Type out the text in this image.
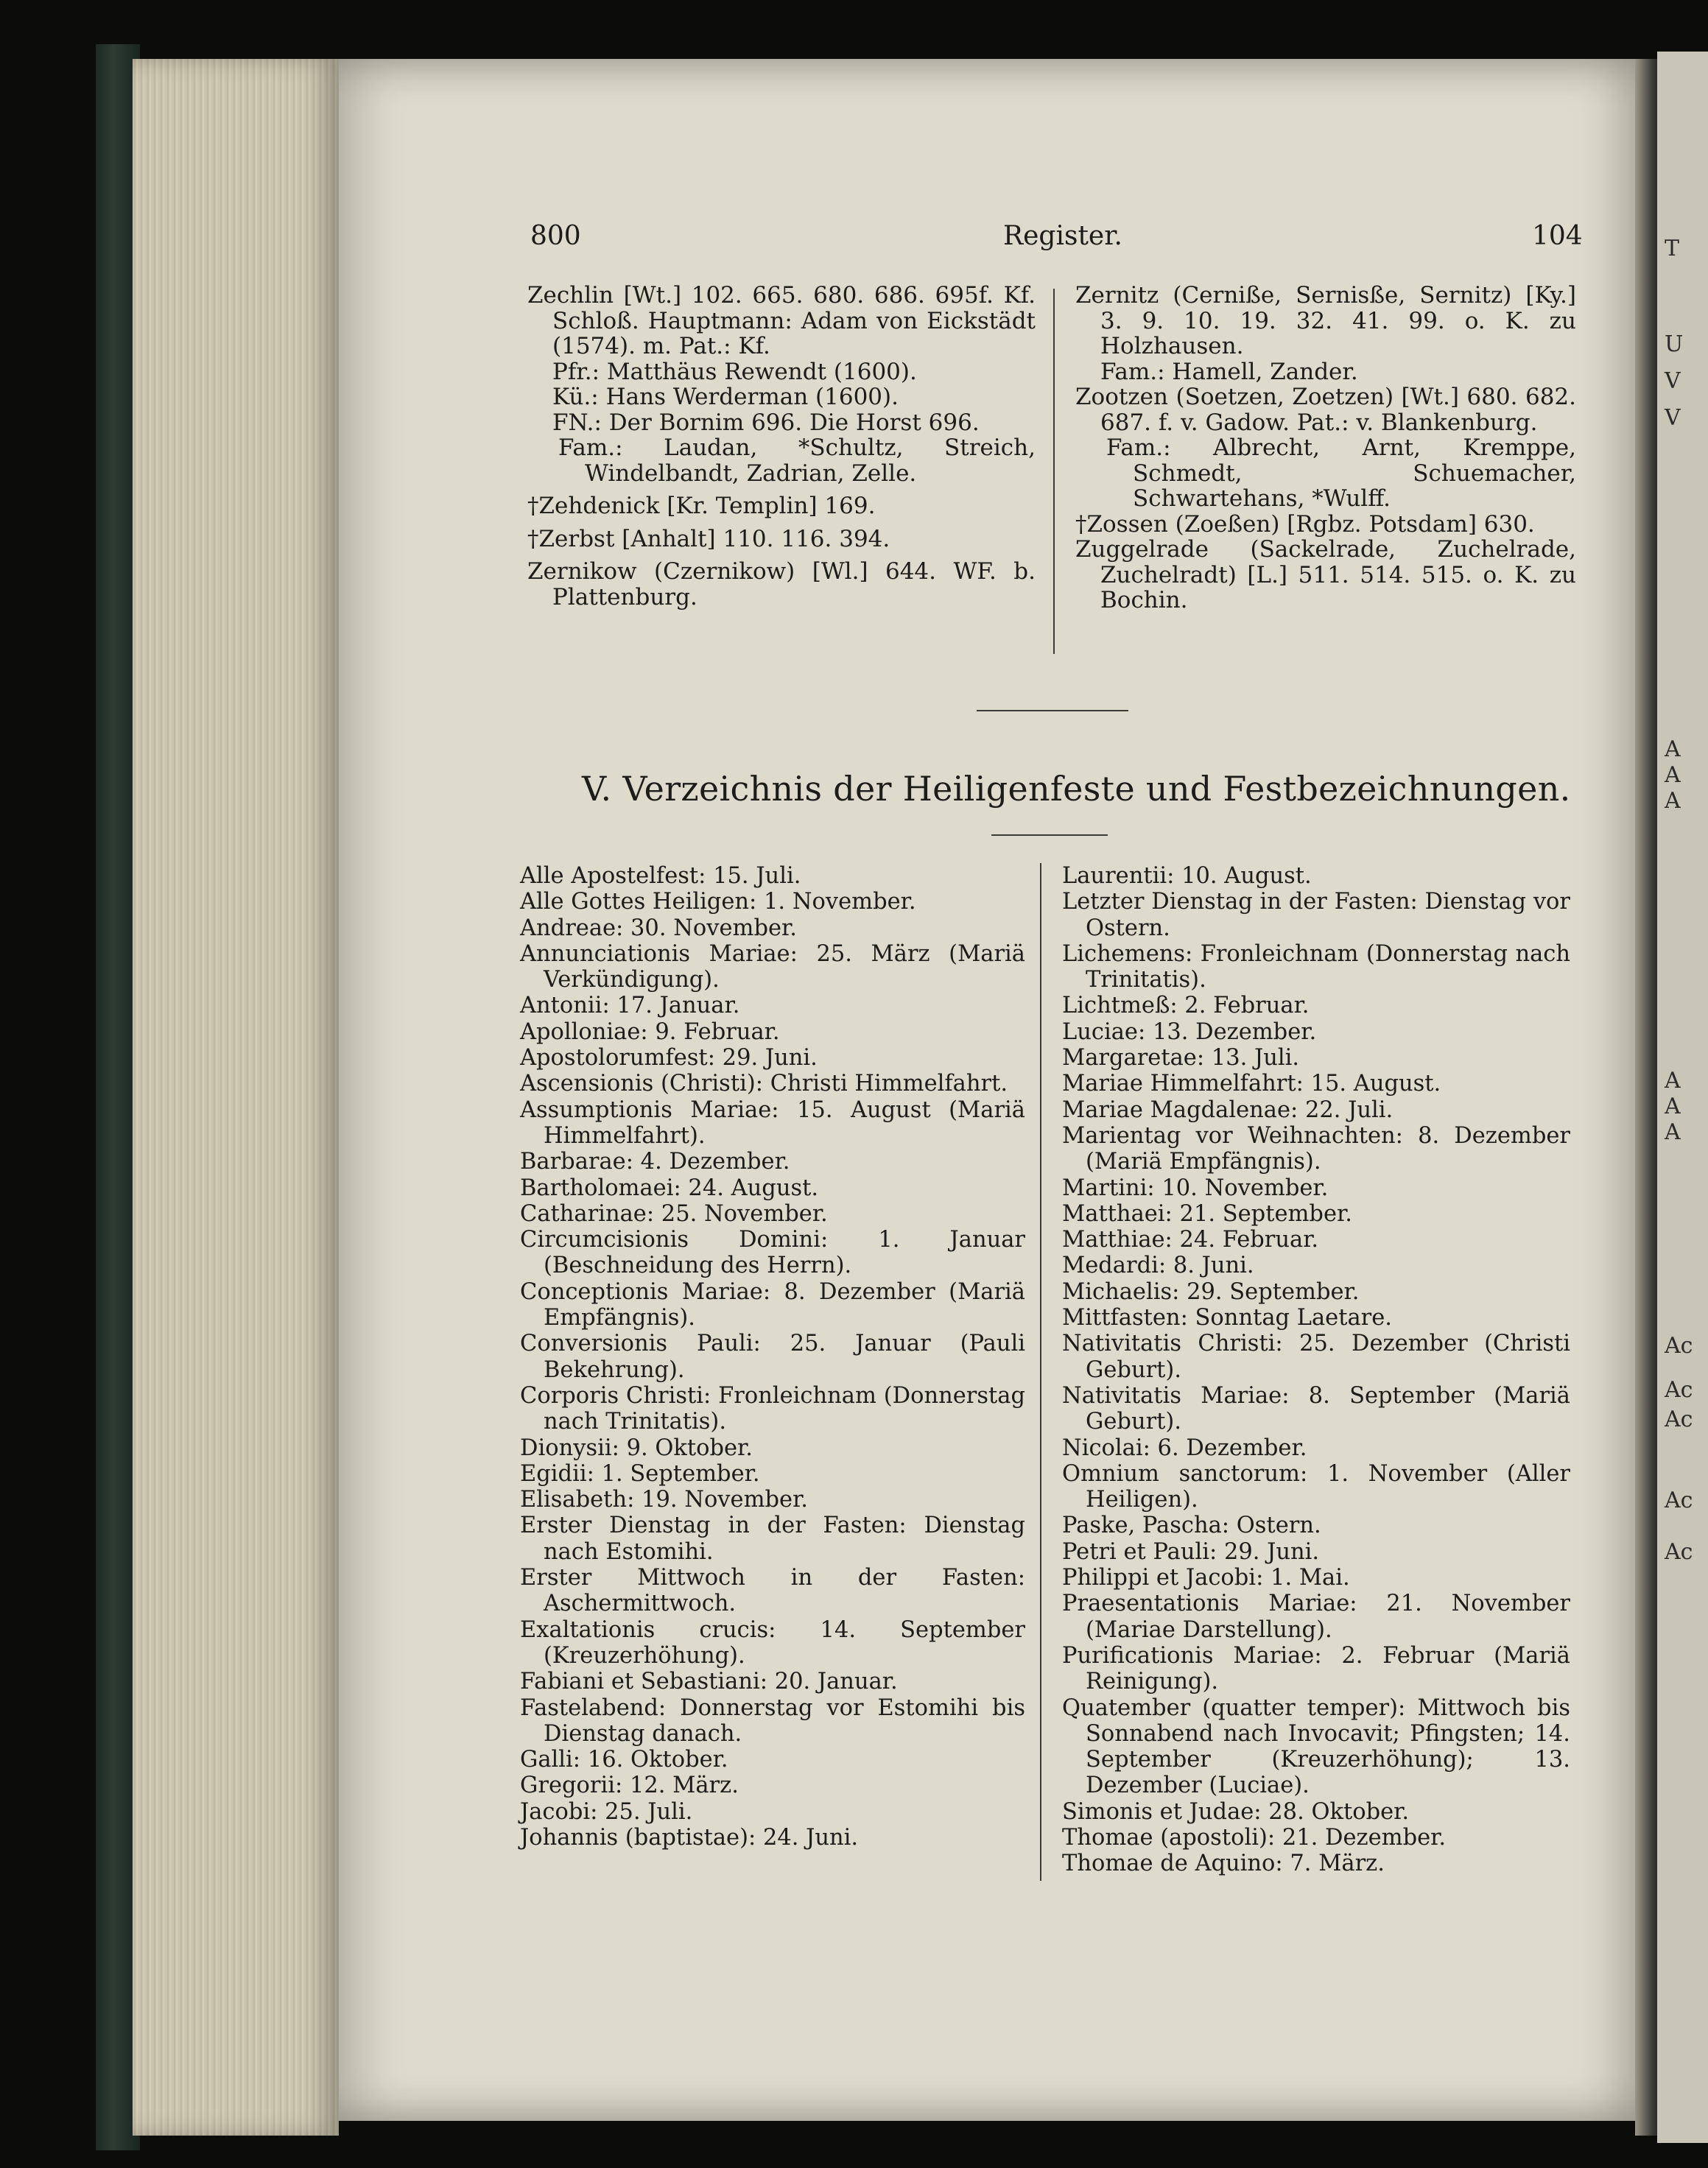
T
U
V
V
A
A
A
A
A
A
Ac
Ac
Ac
Ac
Ac
800	Register.	104

Zechlin [Wt.] 102. 665. 680. 686. 695f. Kf. Schloß. Hauptmann: Adam von Eickstädt (1574). m. Pat.: Kf.

Pfr.: Matthäus Rewendt (1600).

Kü.: Hans Werderman (1600).

FN.: Der Bornim 696. Die Horst 696.

Fam.: Laudan, *Schultz, Streich, Windelbandt, Zadrian, Zelle.

†Zehdenick [Kr. Templin] 169.

†Zerbst [Anhalt] 110. 116. 394.

Zernikow (Czernikow) [Wl.] 644. WF. b. Plattenburg.

Zernitz (Cerniße, Sernisße, Sernitz) [Ky.] 3. 9. 10. 19. 32. 41. 99. o. K. zu Holzhausen.

Fam.: Hamell, Zander.

Zootzen (Soetzen, Zoetzen) [Wt.] 680. 682. 687. f. v. Gadow. Pat.: v. Blankenburg.

Fam.: Albrecht, Arnt, Kremppe, Schmedt, Schuemacher, Schwartehans, *Wulff.

†Zossen (Zoeßen) [Rgbz. Potsdam] 630.

Zuggelrade (Sackelrade, Zuchelrade, Zuchelradt) [L.] 511. 514. 515. o. K. zu Bochin.

V. Verzeichnis der Heiligenfeste und Festbezeichnungen.

Alle Apostelfest: 15. Juli.

Alle Gottes Heiligen: 1. November.

Andreae: 30. November.

Annunciationis Mariae: 25. März (Mariä Verkündigung).

Antonii: 17. Januar.

Apolloniae: 9. Februar.

Apostolorumfest: 29. Juni.

Ascensionis (Christi): Christi Himmelfahrt.

Assumptionis Mariae: 15. August (Mariä Himmelfahrt).

Barbarae: 4. Dezember.

Bartholomaei: 24. August.

Catharinae: 25. November.

Circumcisionis Domini: 1. Januar (Beschneidung des Herrn).

Conceptionis Mariae: 8. Dezember (Mariä Empfängnis).

Conversionis Pauli: 25. Januar (Pauli Bekehrung).

Corporis Christi: Fronleichnam (Donnerstag nach Trinitatis).

Dionysii: 9. Oktober.

Egidii: 1. September.

Elisabeth: 19. November.

Erster Dienstag in der Fasten: Dienstag nach Estomihi.

Erster Mittwoch in der Fasten: Aschermittwoch.

Exaltationis crucis: 14. September (Kreuzerhöhung).

Fabiani et Sebastiani: 20. Januar.

Fastelabend: Donnerstag vor Estomihi bis Dienstag danach.

Galli: 16. Oktober.

Gregorii: 12. März.

Jacobi: 25. Juli.

Johannis (baptistae): 24. Juni.

Laurentii: 10. August.

Letzter Dienstag in der Fasten: Dienstag vor Ostern.

Lichemens: Fronleichnam (Donnerstag nach Trinitatis).

Lichtmeß: 2. Februar.

Luciae: 13. Dezember.

Margaretae: 13. Juli.

Mariae Himmelfahrt: 15. August.

Mariae Magdalenae: 22. Juli.

Marientag vor Weihnachten: 8. Dezember (Mariä Empfängnis).

Martini: 10. November.

Matthaei: 21. September.

Matthiae: 24. Februar.

Medardi: 8. Juni.

Michaelis: 29. September.

Mittfasten: Sonntag Laetare.

Nativitatis Christi: 25. Dezember (Christi Geburt).

Nativitatis Mariae: 8. September (Mariä Geburt).

Nicolai: 6. Dezember.

Omnium sanctorum: 1. November (Aller Heiligen).

Paske, Pascha: Ostern.

Petri et Pauli: 29. Juni.

Philippi et Jacobi: 1. Mai.

Praesentationis Mariae: 21. November (Mariae Darstellung).

Purificationis Mariae: 2. Februar (Mariä Reinigung).

Quatember (quatter temper): Mittwoch bis Sonnabend nach Invocavit; Pfingsten; 14. September (Kreuzerhöhung); 13. Dezember (Luciae).

Simonis et Judae: 28. Oktober.

Thomae (apostoli): 21. Dezember.

Thomae de Aquino: 7. März.
